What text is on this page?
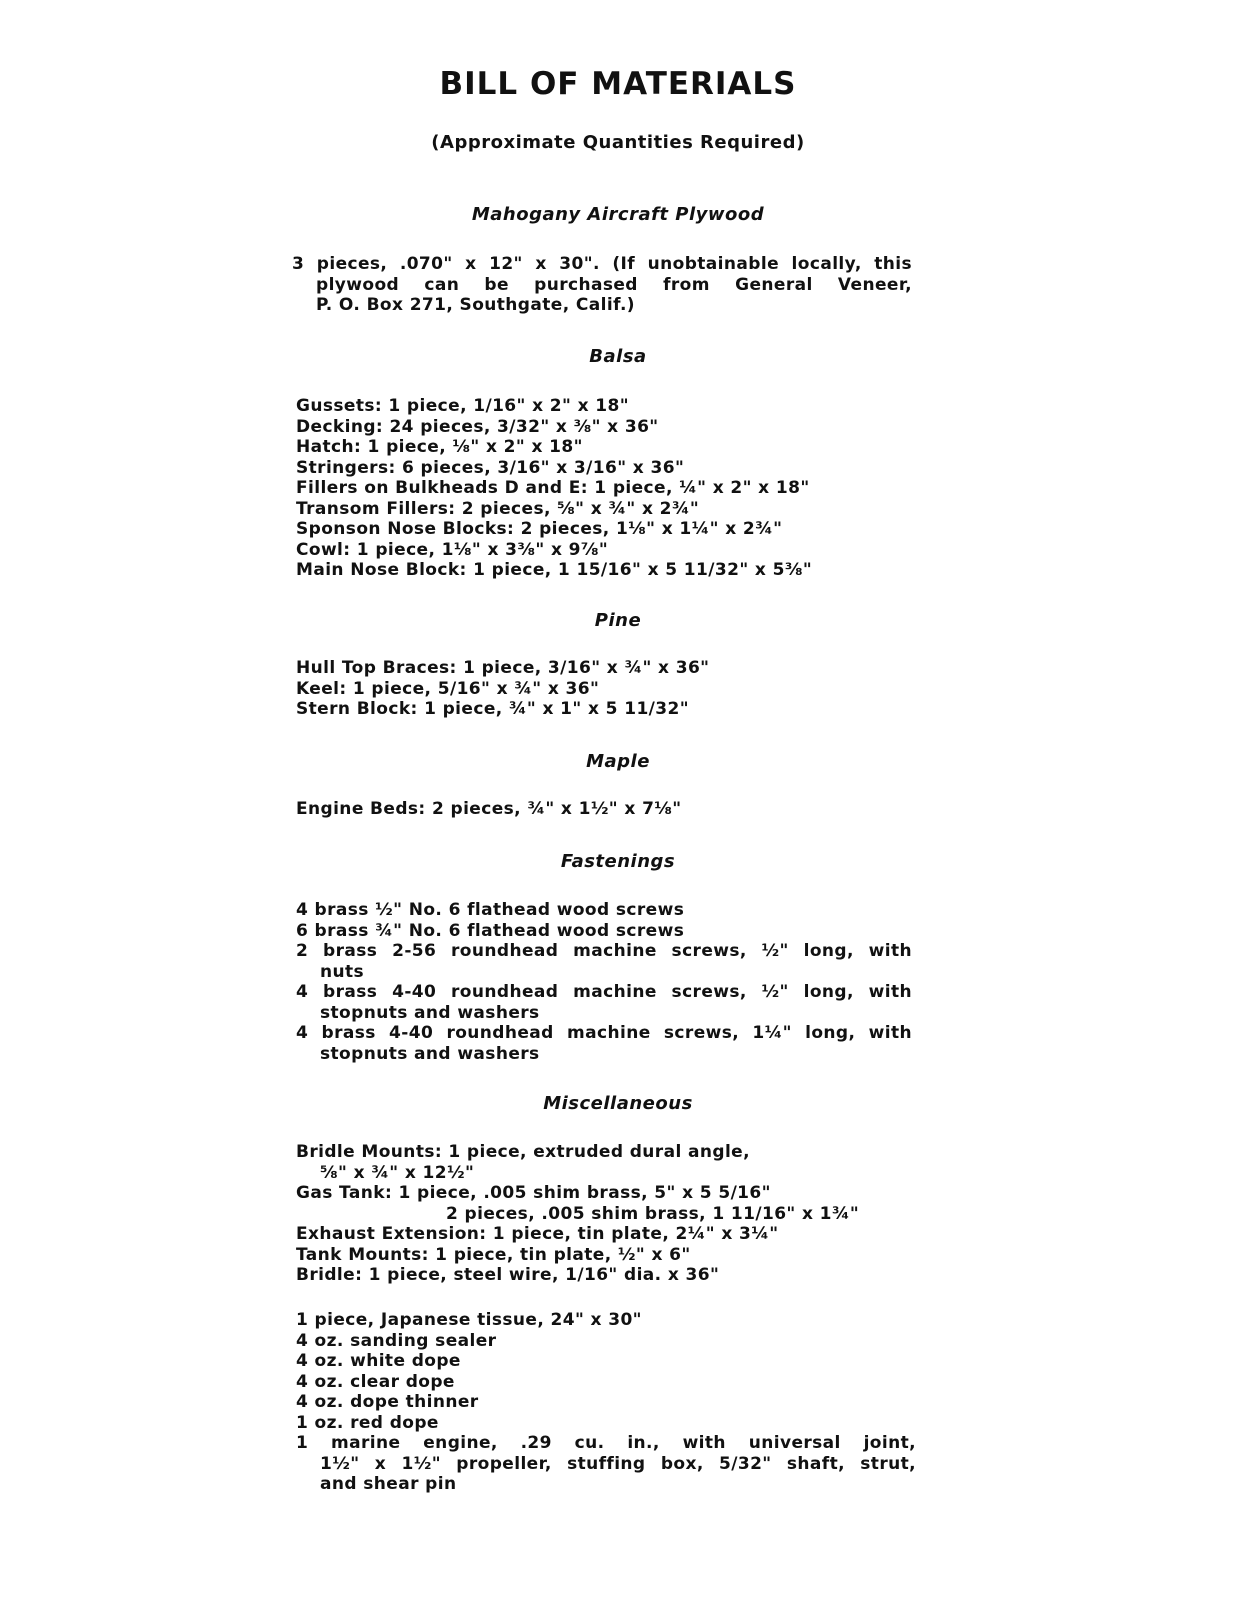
BILL OF MATERIALS
(Approximate Quantities Required)
Mahogany Aircraft Plywood
3 pieces, .070" x 12" x 30". (If unobtainable locally, this
plywood can be purchased from General Veneer,
P. O. Box 271, Southgate, Calif.)
Balsa
Gussets: 1 piece, 1/16" x 2" x 18"
Decking: 24 pieces, 3/32" x ⅜" x 36"
Hatch: 1 piece, ⅛" x 2" x 18"
Stringers: 6 pieces, 3/16" x 3/16" x 36"
Fillers on Bulkheads D and E: 1 piece, ¼" x 2" x 18"
Transom Fillers: 2 pieces, ⅝" x ¾" x 2¾"
Sponson Nose Blocks: 2 pieces, 1⅛" x 1¼" x 2¾"
Cowl: 1 piece, 1⅛" x 3⅜" x 9⅞"
Main Nose Block: 1 piece, 1 15/16" x 5 11/32" x 5⅜"
Pine
Hull Top Braces: 1 piece, 3/16" x ¾" x 36"
Keel: 1 piece, 5/16" x ¾" x 36"
Stern Block: 1 piece, ¾" x 1" x 5 11/32"
Maple
Engine Beds: 2 pieces, ¾" x 1½" x 7⅛"
Fastenings
4 brass ½" No. 6 flathead wood screws
6 brass ¾" No. 6 flathead wood screws
2 brass 2-56 roundhead machine screws, ½" long, with
nuts
4 brass 4-40 roundhead machine screws, ½" long, with
stopnuts and washers
4 brass 4-40 roundhead machine screws, 1¼" long, with
stopnuts and washers
Miscellaneous
Bridle Mounts: 1 piece, extruded dural angle,
⅝" x ¾" x 12½"
Gas Tank: 1 piece, .005 shim brass, 5" x 5 5/16"
2 pieces, .005 shim brass, 1 11/16" x 1¾"
Exhaust Extension: 1 piece, tin plate, 2¼" x 3¼"
Tank Mounts: 1 piece, tin plate, ½" x 6"
Bridle: 1 piece, steel wire, 1/16" dia. x 36"
1 piece, Japanese tissue, 24" x 30"
4 oz. sanding sealer
4 oz. white dope
4 oz. clear dope
4 oz. dope thinner
1 oz. red dope
1 marine engine, .29 cu. in., with universal joint,
1½" x 1½" propeller, stuffing box, 5/32" shaft, strut,
and shear pin
